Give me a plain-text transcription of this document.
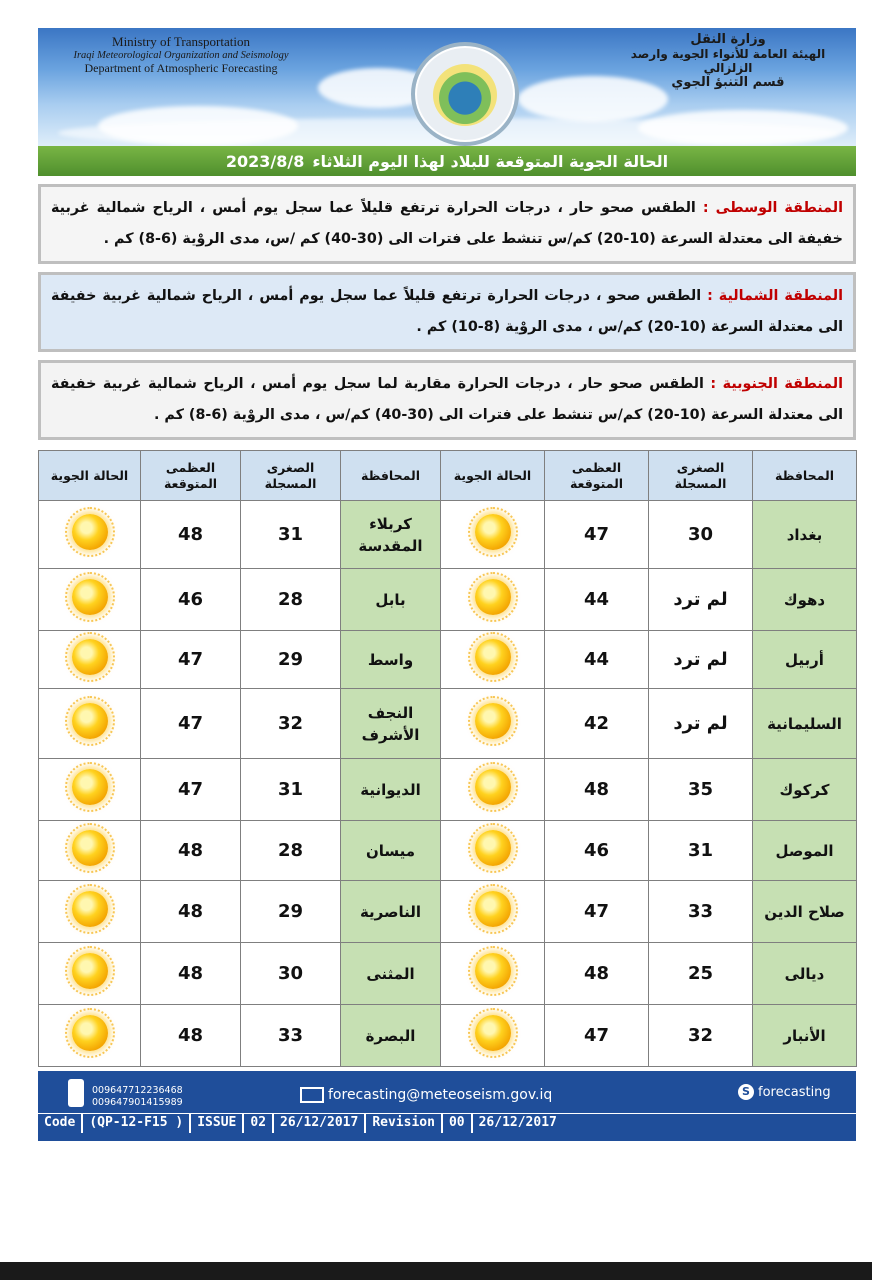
Ministry of Transportation
Iraqi Meteorological Organization and Seismology
Department of Atmospheric Forecasting
وزارة النقل
الهيئة العامة للأنواء الجوية وارصد الزلزالي
قسم التنبؤ الجوي
الحالة الجوية المتوقعة للبلاد لهذا اليوم الثلاثاء
2023/8/8
المنطقة الوسطى : الطقس صحو حار ، درجات الحرارة ترتفع قليلاً عما سجل يوم أمس ، الرياح شمالية غربية خفيفة الى معتدلة السرعة (10-20) كم/س تنشط على فترات الى (30-40) كم /س، مدى الروْية (6-8) كم .
المنطقة الشمالية : الطقس صحو ، درجات الحرارة ترتفع قليلاً عما سجل يوم أمس ، الرياح شمالية غربية خفيفة الى معتدلة السرعة (10-20) كم/س ، مدى الروْية (8-10) كم .
المنطقة الجنوبية : الطقس صحو حار ، درجات الحرارة مقاربة لما سجل يوم أمس ، الرياح شمالية غربية خفيفة الى معتدلة السرعة (10-20) كم/س تنشط على فترات الى (30-40) كم/س ، مدى الروْية (6-8) كم .
المحافظة	الصغرى المسجلة	العظمى المتوقعة	الحالة الجوية	المحافظة	الصغرى المسجلة	العظمى المتوقعة	الحالة الجوية
بغداد	30	47		كربلاء المقدسة	31	48	
دهوك	لم ترد	44		بابل	28	46	
أربيل	لم ترد	44		واسط	29	47	
السليمانية	لم ترد	42		النجف الأشرف	32	47	
كركوك	35	48		الديوانية	31	47	
الموصل	31	46		ميسان	28	48	
صلاح الدين	33	47		الناصرية	29	48	
ديالى	25	48		المثنى	30	48	
الأنبار	32	47		البصرة	33	48	
009647712236468
009647901415989	forecasting@meteoseism.gov.iq	S forecasting
Code	(QP-12-F15 )	ISSUE	02	26/12/2017	Revision	00	26/12/2017
